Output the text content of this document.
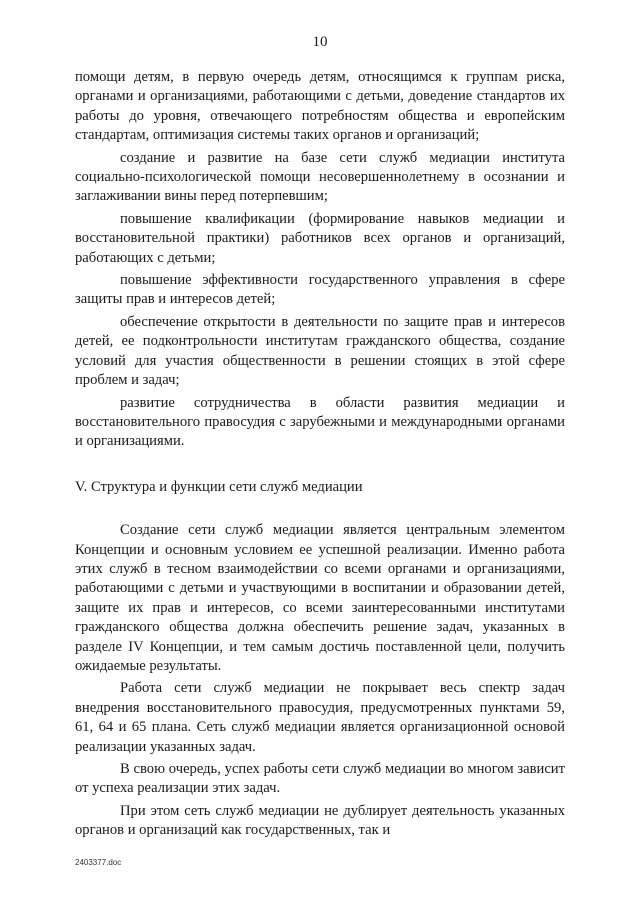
10

помощи детям, в первую очередь детям, относящимся к группам риска, органами и организациями, работающими с детьми, доведение стандартов их работы до уровня, отвечающего потребностям общества и европейским стандартам, оптимизация системы таких органов и организаций;

создание и развитие на базе сети служб медиации института социально-психологической помощи несовершеннолетнему в осознании и заглаживании вины перед потерпевшим;

повышение квалификации (формирование навыков медиации и восстановительной практики) работников всех органов и организаций, работающих с детьми;

повышение эффективности государственного управления в сфере защиты прав и интересов детей;

обеспечение открытости в деятельности по защите прав и интересов детей, ее подконтрольности институтам гражданского общества, создание условий для участия общественности в решении стоящих в этой сфере проблем и задач;

развитие сотрудничества в области развития медиации и восстановительного правосудия с зарубежными и международными органами и организациями.

V. Структура и функции сети служб медиации

Создание сети служб медиации является центральным элементом Концепции и основным условием ее успешной реализации. Именно работа этих служб в тесном взаимодействии со всеми органами и организациями, работающими с детьми и участвующими в воспитании и образовании детей, защите их прав и интересов, со всеми заинтересованными институтами гражданского общества должна обеспечить решение задач, указанных в разделе IV Концепции, и тем самым достичь поставленной цели, получить ожидаемые результаты.

Работа сети служб медиации не покрывает весь спектр задач внедрения восстановительного правосудия, предусмотренных пунктами 59, 61, 64 и 65 плана. Сеть служб медиации является организационной основой реализации указанных задач.

В свою очередь, успех работы сети служб медиации во многом зависит от успеха реализации этих задач.

При этом сеть служб медиации не дублирует деятельность указанных органов и организаций как государственных, так и

2403377.doc
